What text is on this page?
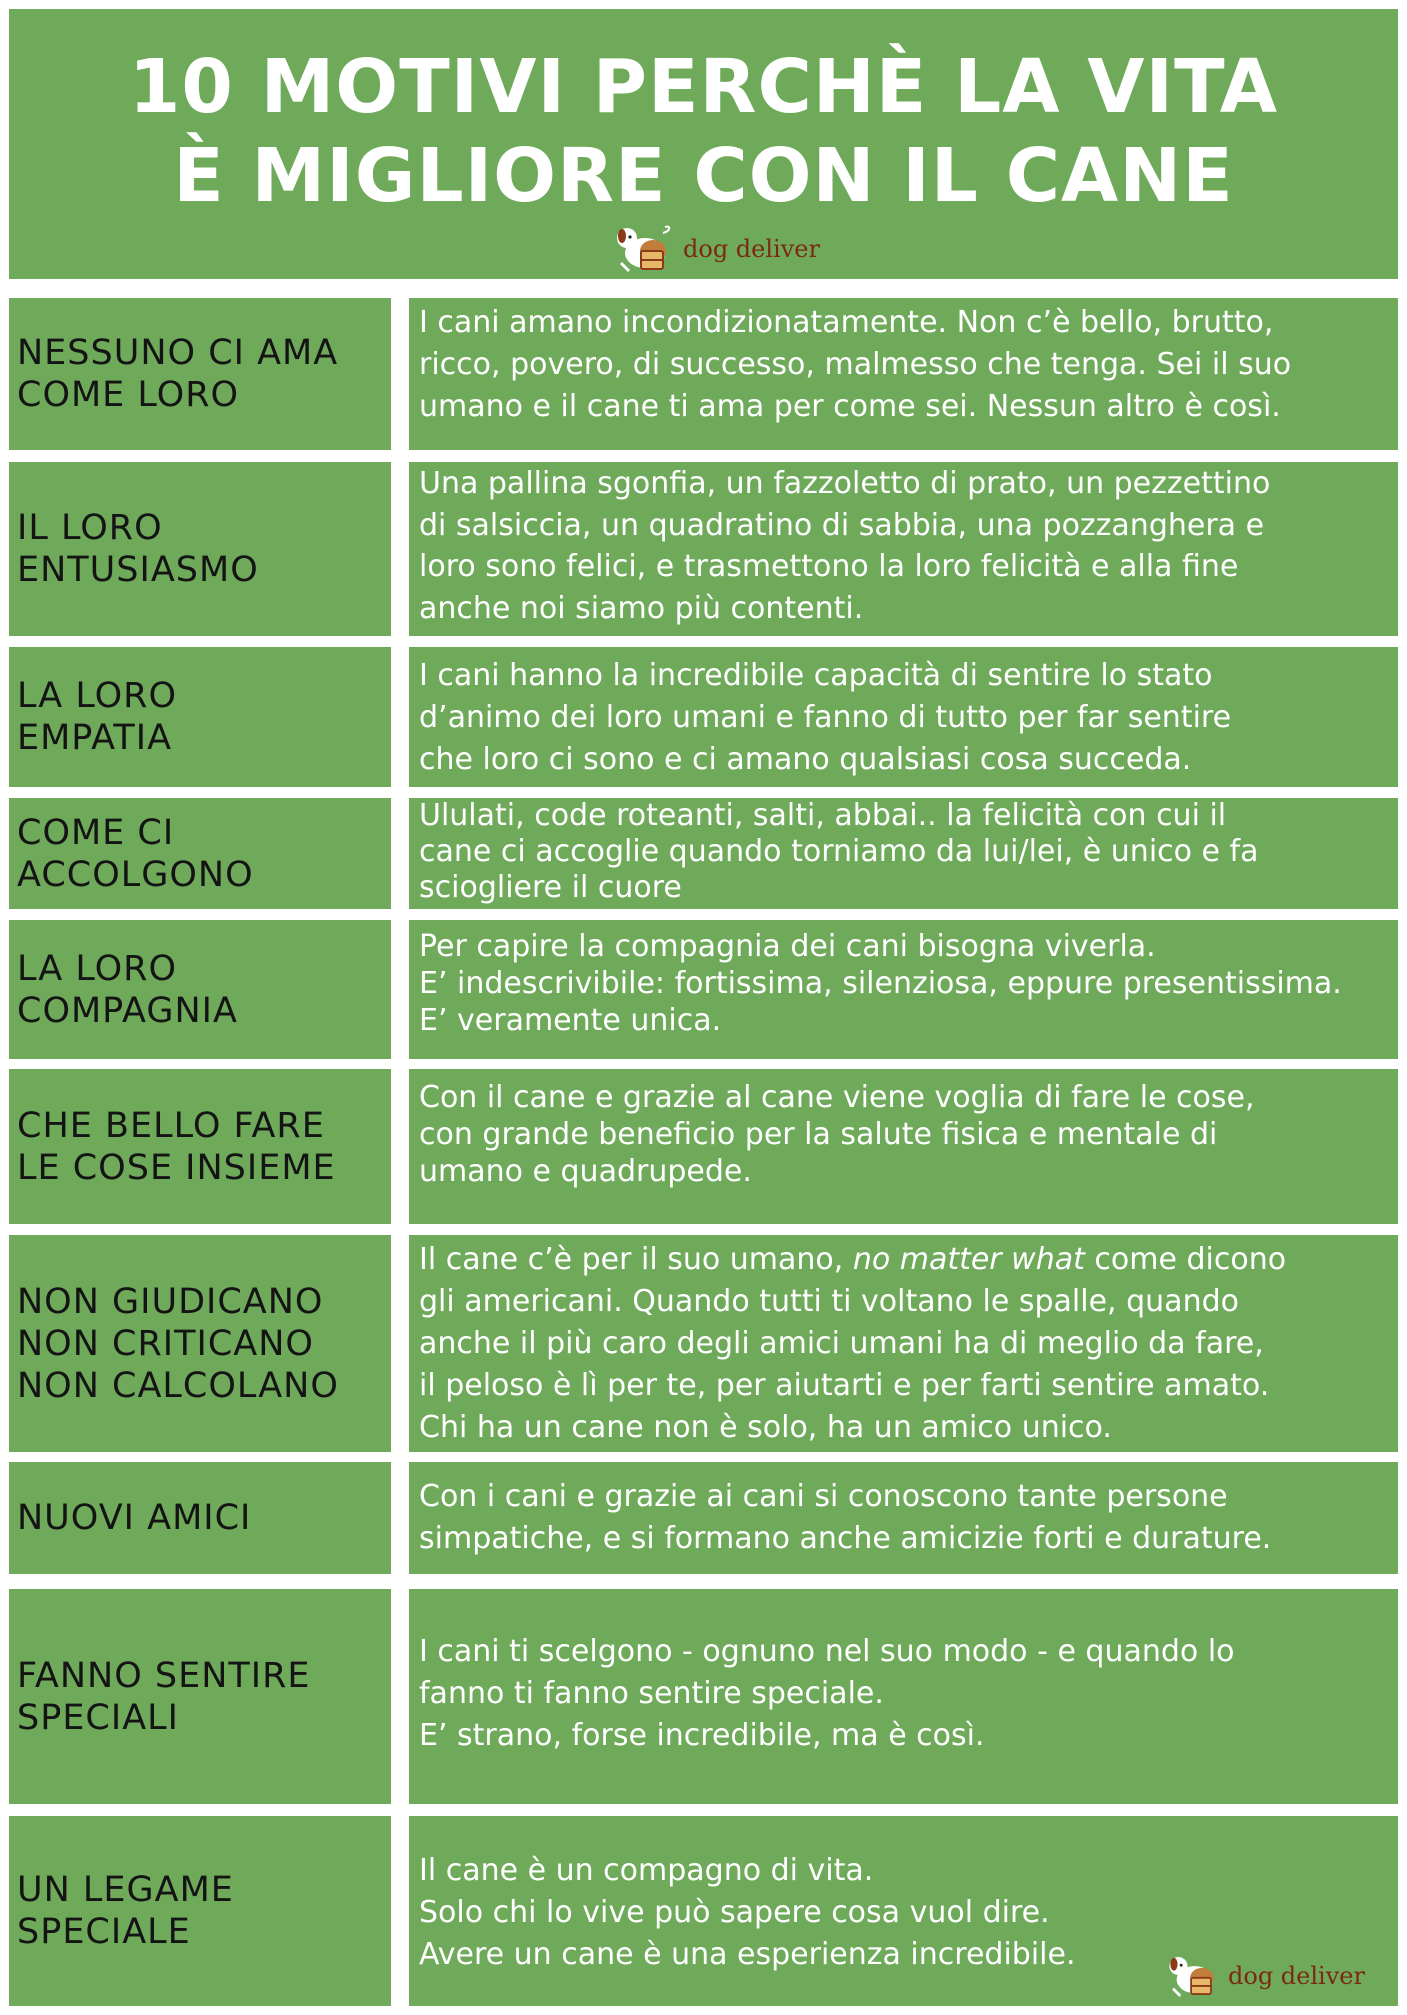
10 MOTIVI PERCHÈ LA VITA
È MIGLIORE CON IL CANE
dog deliver
NESSUNO CI AMA
COME LORO

I cani amano incondizionatamente. Non c’è bello, brutto,
ricco, povero, di successo, malmesso che tenga. Sei il suo
umano e il cane ti ama per come sei. Nessun altro è così.

IL LORO
ENTUSIASMO

Una pallina sgonfia, un fazzoletto di prato, un pezzettino
di salsiccia, un quadratino di sabbia, una pozzanghera e
loro sono felici, e trasmettono la loro felicità e alla fine
anche noi siamo più contenti.

LA LORO
EMPATIA

I cani hanno la incredibile capacità di sentire lo stato
d’animo dei loro umani e fanno di tutto per far sentire
che loro ci sono e ci amano qualsiasi cosa succeda.

COME CI
ACCOLGONO

Ululati, code roteanti, salti, abbai.. la felicità con cui il
cane ci accoglie quando torniamo da lui/lei, è unico e fa
sciogliere il cuore

LA LORO
COMPAGNIA

Per capire la compagnia dei cani bisogna viverla.
E’ indescrivibile: fortissima, silenziosa, eppure presentissima.
E’ veramente unica.

CHE BELLO FARE
LE COSE INSIEME

Con il cane e grazie al cane viene voglia di fare le cose,
con grande beneficio per la salute fisica e mentale di
umano e quadrupede.

NON GIUDICANO
NON CRITICANO
NON CALCOLANO

Il cane c’è per il suo umano, no matter what come dicono
gli americani. Quando tutti ti voltano le spalle, quando
anche il più caro degli amici umani ha di meglio da fare,
il peloso è lì per te, per aiutarti e per farti sentire amato.
Chi ha un cane non è solo, ha un amico unico.

NUOVI AMICI

Con i cani e grazie ai cani si conoscono tante persone
simpatiche, e si formano anche amicizie forti e durature.

FANNO SENTIRE
SPECIALI

I cani ti scelgono - ognuno nel suo modo - e quando lo
fanno ti fanno sentire speciale.
E’ strano, forse incredibile, ma è così.

UN LEGAME
SPECIALE

Il cane è un compagno di vita.
Solo chi lo vive può sapere cosa vuol dire.
Avere un cane è una esperienza incredibile.

dog deliver
